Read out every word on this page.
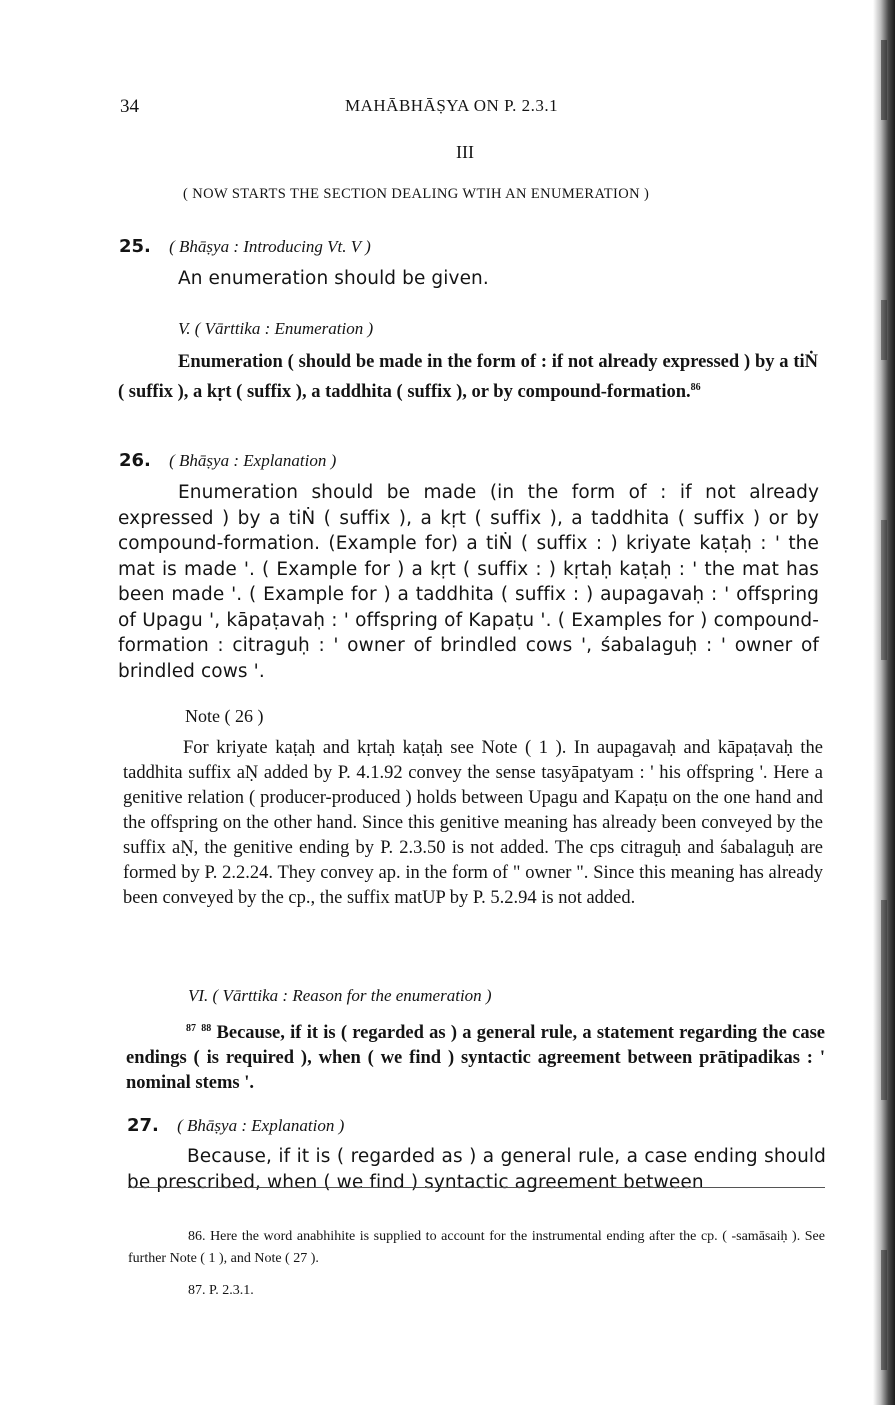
34	MAHĀBHĀṢYA ON P. 2.3.1
III
( NOW STARTS THE SECTION DEALING WTIH AN ENUMERATION )
25. ( Bhāṣya : Introducing Vt. V )
An enumeration should be given.
V. ( Vārttika : Enumeration )
Enumeration ( should be made in the form of : if not already expressed ) by a tiṄ ( suffix ), a kṛt ( suffix ), a taddhita ( suffix ), or by compound-formation.$^{86}$
26. ( Bhāṣya : Explanation )
Enumeration should be made (in the form of : if not already expressed ) by a tiṄ ( suffix ), a kṛt ( suffix ), a taddhita ( suffix ) or by compound-formation. (Example for) a tiṄ ( suffix : ) kriyate kaṭaḥ : ' the mat is made '. ( Example for ) a kṛt ( suffix : ) kṛtaḥ kaṭaḥ : ' the mat has been made '. ( Example for ) a taddhita ( suffix : ) aupagavaḥ : ' offspring of Upagu ', kāpaṭavaḥ : ' offspring of Kapaṭu '. ( Examples for ) compound-formation : citraguḥ : ' owner of brindled cows ', śabalaguḥ : ' owner of brindled cows '.
Note ( 26 )
For kriyate kaṭaḥ and kṛtaḥ kaṭaḥ see Note ( 1 ). In aupagavaḥ and kāpaṭavaḥ the taddhita suffix aṆ added by P. 4.1.92 convey the sense tasyāpatyam : ' his offspring '. Here a genitive relation ( producer-produced ) holds between Upagu and Kapaṭu on the one hand and the offspring on the other hand. Since this genitive meaning has already been conveyed by the suffix aṆ, the genitive ending by P. 2.3.50 is not added. The cps citraguḥ and śabalaguḥ are formed by P. 2.2.24. They convey ap. in the form of " owner ". Since this meaning has already been conveyed by the cp., the suffix matUP by P. 5.2.94 is not added.
VI. ( Vārttika : Reason for the enumeration )
$^{87}$ $^{88}$ Because, if it is ( regarded as ) a general rule, a statement regarding the case endings ( is required ), when ( we find ) syntactic agreement between prātipadikas : ' nominal stems '.
27. ( Bhāṣya : Explanation )
Because, if it is ( regarded as ) a general rule, a case ending should be prescribed, when ( we find ) syntactic agreement between
86. Here the word anabhihite is supplied to account for the instrumental ending after the cp. ( -samāsaiḥ ). See further Note ( 1 ), and Note ( 27 ).
87. P. 2.3.1.
